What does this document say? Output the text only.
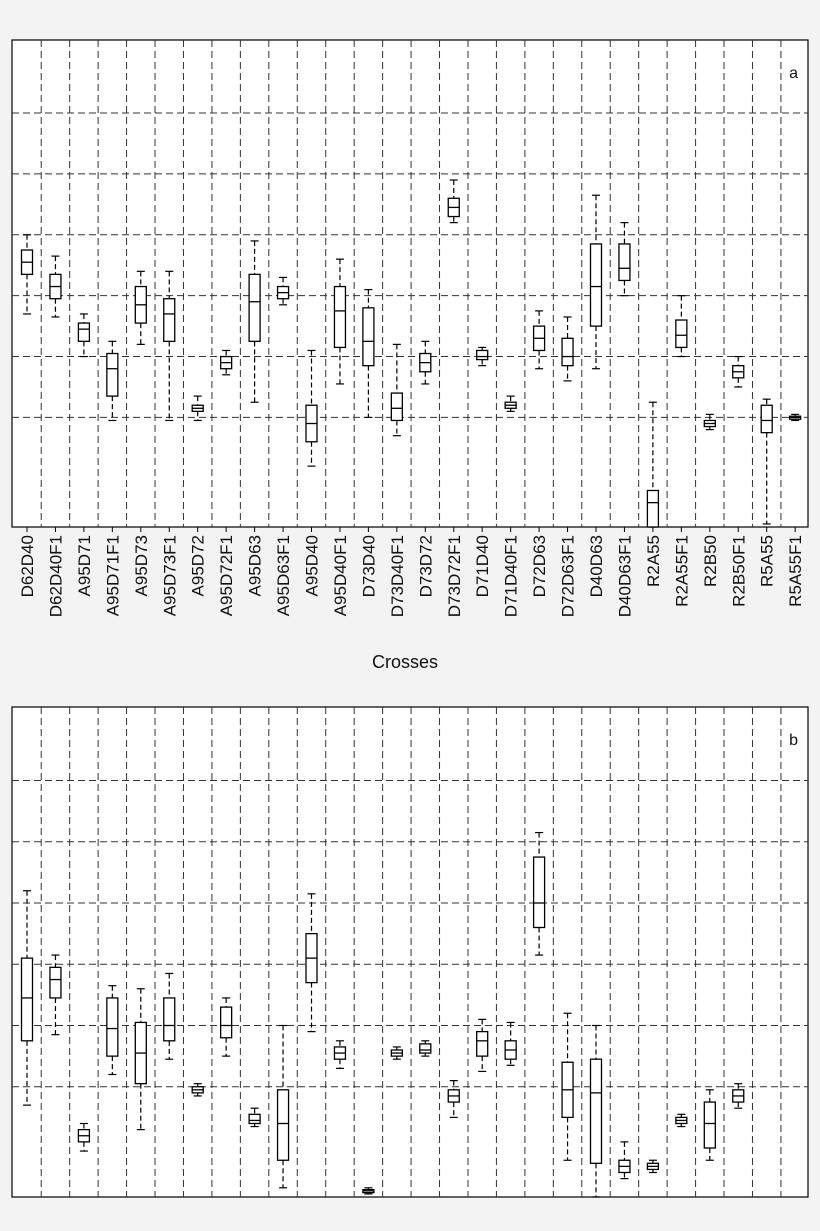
a
D62D40 D62D40F1 A95D71 A95D71F1 A95D73 A95D73F1 A95D72 A95D72F1 A95D63 A95D63F1 A95D40 A95D40F1 D73D40 D73D40F1 D73D72 D73D72F1 D71D40 D71D40F1 D72D63 D72D63F1 D40D63 D40D63F1 R2A55 R2A55F1 R2B50 R2B50F1 R5A55 R5A55F1
b
Crosses
